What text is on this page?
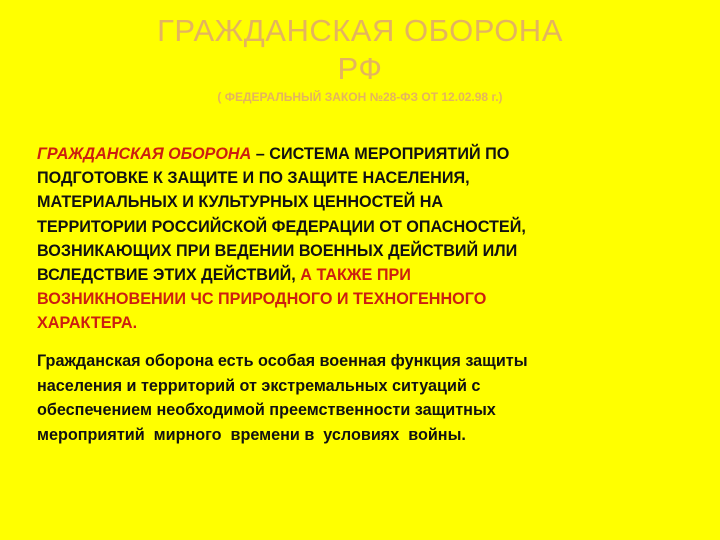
ГРАЖДАНСКАЯ ОБОРОНА
РФ
( ФЕДЕРАЛЬНЫЙ ЗАКОН №28-ФЗ ОТ 12.02.98 г.)
ГРАЖДАНСКАЯ ОБОРОНА – СИСТЕМА МЕРОПРИЯТИЙ ПО
ПОДГОТОВКЕ К ЗАЩИТЕ И ПО ЗАЩИТЕ НАСЕЛЕНИЯ,
МАТЕРИАЛЬНЫХ И КУЛЬТУРНЫХ ЦЕННОСТЕЙ НА
ТЕРРИТОРИИ РОССИЙСКОЙ ФЕДЕРАЦИИ ОТ ОПАСНОСТЕЙ,
ВОЗНИКАЮЩИХ ПРИ ВЕДЕНИИ ВОЕННЫХ ДЕЙСТВИЙ ИЛИ
ВСЛЕДСТВИЕ ЭТИХ ДЕЙСТВИЙ, А ТАКЖЕ ПРИ
ВОЗНИКНОВЕНИИ ЧС ПРИРОДНОГО И ТЕХНОГЕННОГО
ХАРАКТЕРА.
Гражданская оборона есть особая военная функция защиты
населения и территорий от экстремальных ситуаций с
обеспечением необходимой преемственности защитных
мероприятий  мирного  времени в  условиях  войны.
